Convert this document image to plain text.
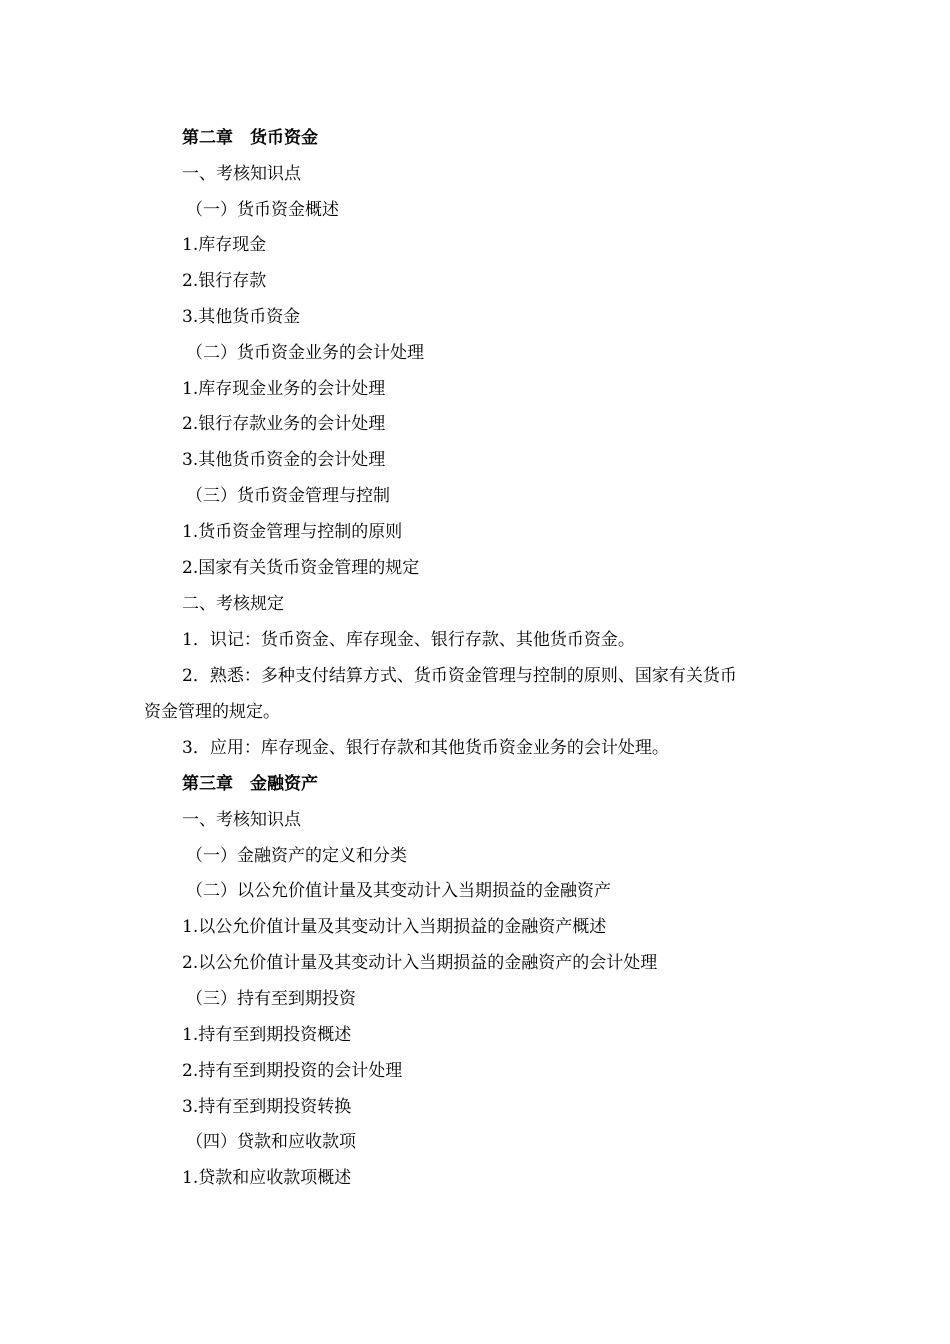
第二章　货币资金

一、考核知识点

（一）货币资金概述

1.库存现金

2.银行存款

3.其他货币资金

（二）货币资金业务的会计处理

1.库存现金业务的会计处理

2.银行存款业务的会计处理

3.其他货币资金的会计处理

（三）货币资金管理与控制

1.货币资金管理与控制的原则

2.国家有关货币资金管理的规定

二、考核规定

1．识记：货币资金、库存现金、银行存款、其他货币资金。

2．熟悉：多种支付结算方式、货币资金管理与控制的原则、国家有关货币

资金管理的规定。

3．应用：库存现金、银行存款和其他货币资金业务的会计处理。

第三章　金融资产

一、考核知识点

（一）金融资产的定义和分类

（二）以公允价值计量及其变动计入当期损益的金融资产

1.以公允价值计量及其变动计入当期损益的金融资产概述

2.以公允价值计量及其变动计入当期损益的金融资产的会计处理

（三）持有至到期投资

1.持有至到期投资概述

2.持有至到期投资的会计处理

3.持有至到期投资转换

（四）贷款和应收款项

1.贷款和应收款项概述
